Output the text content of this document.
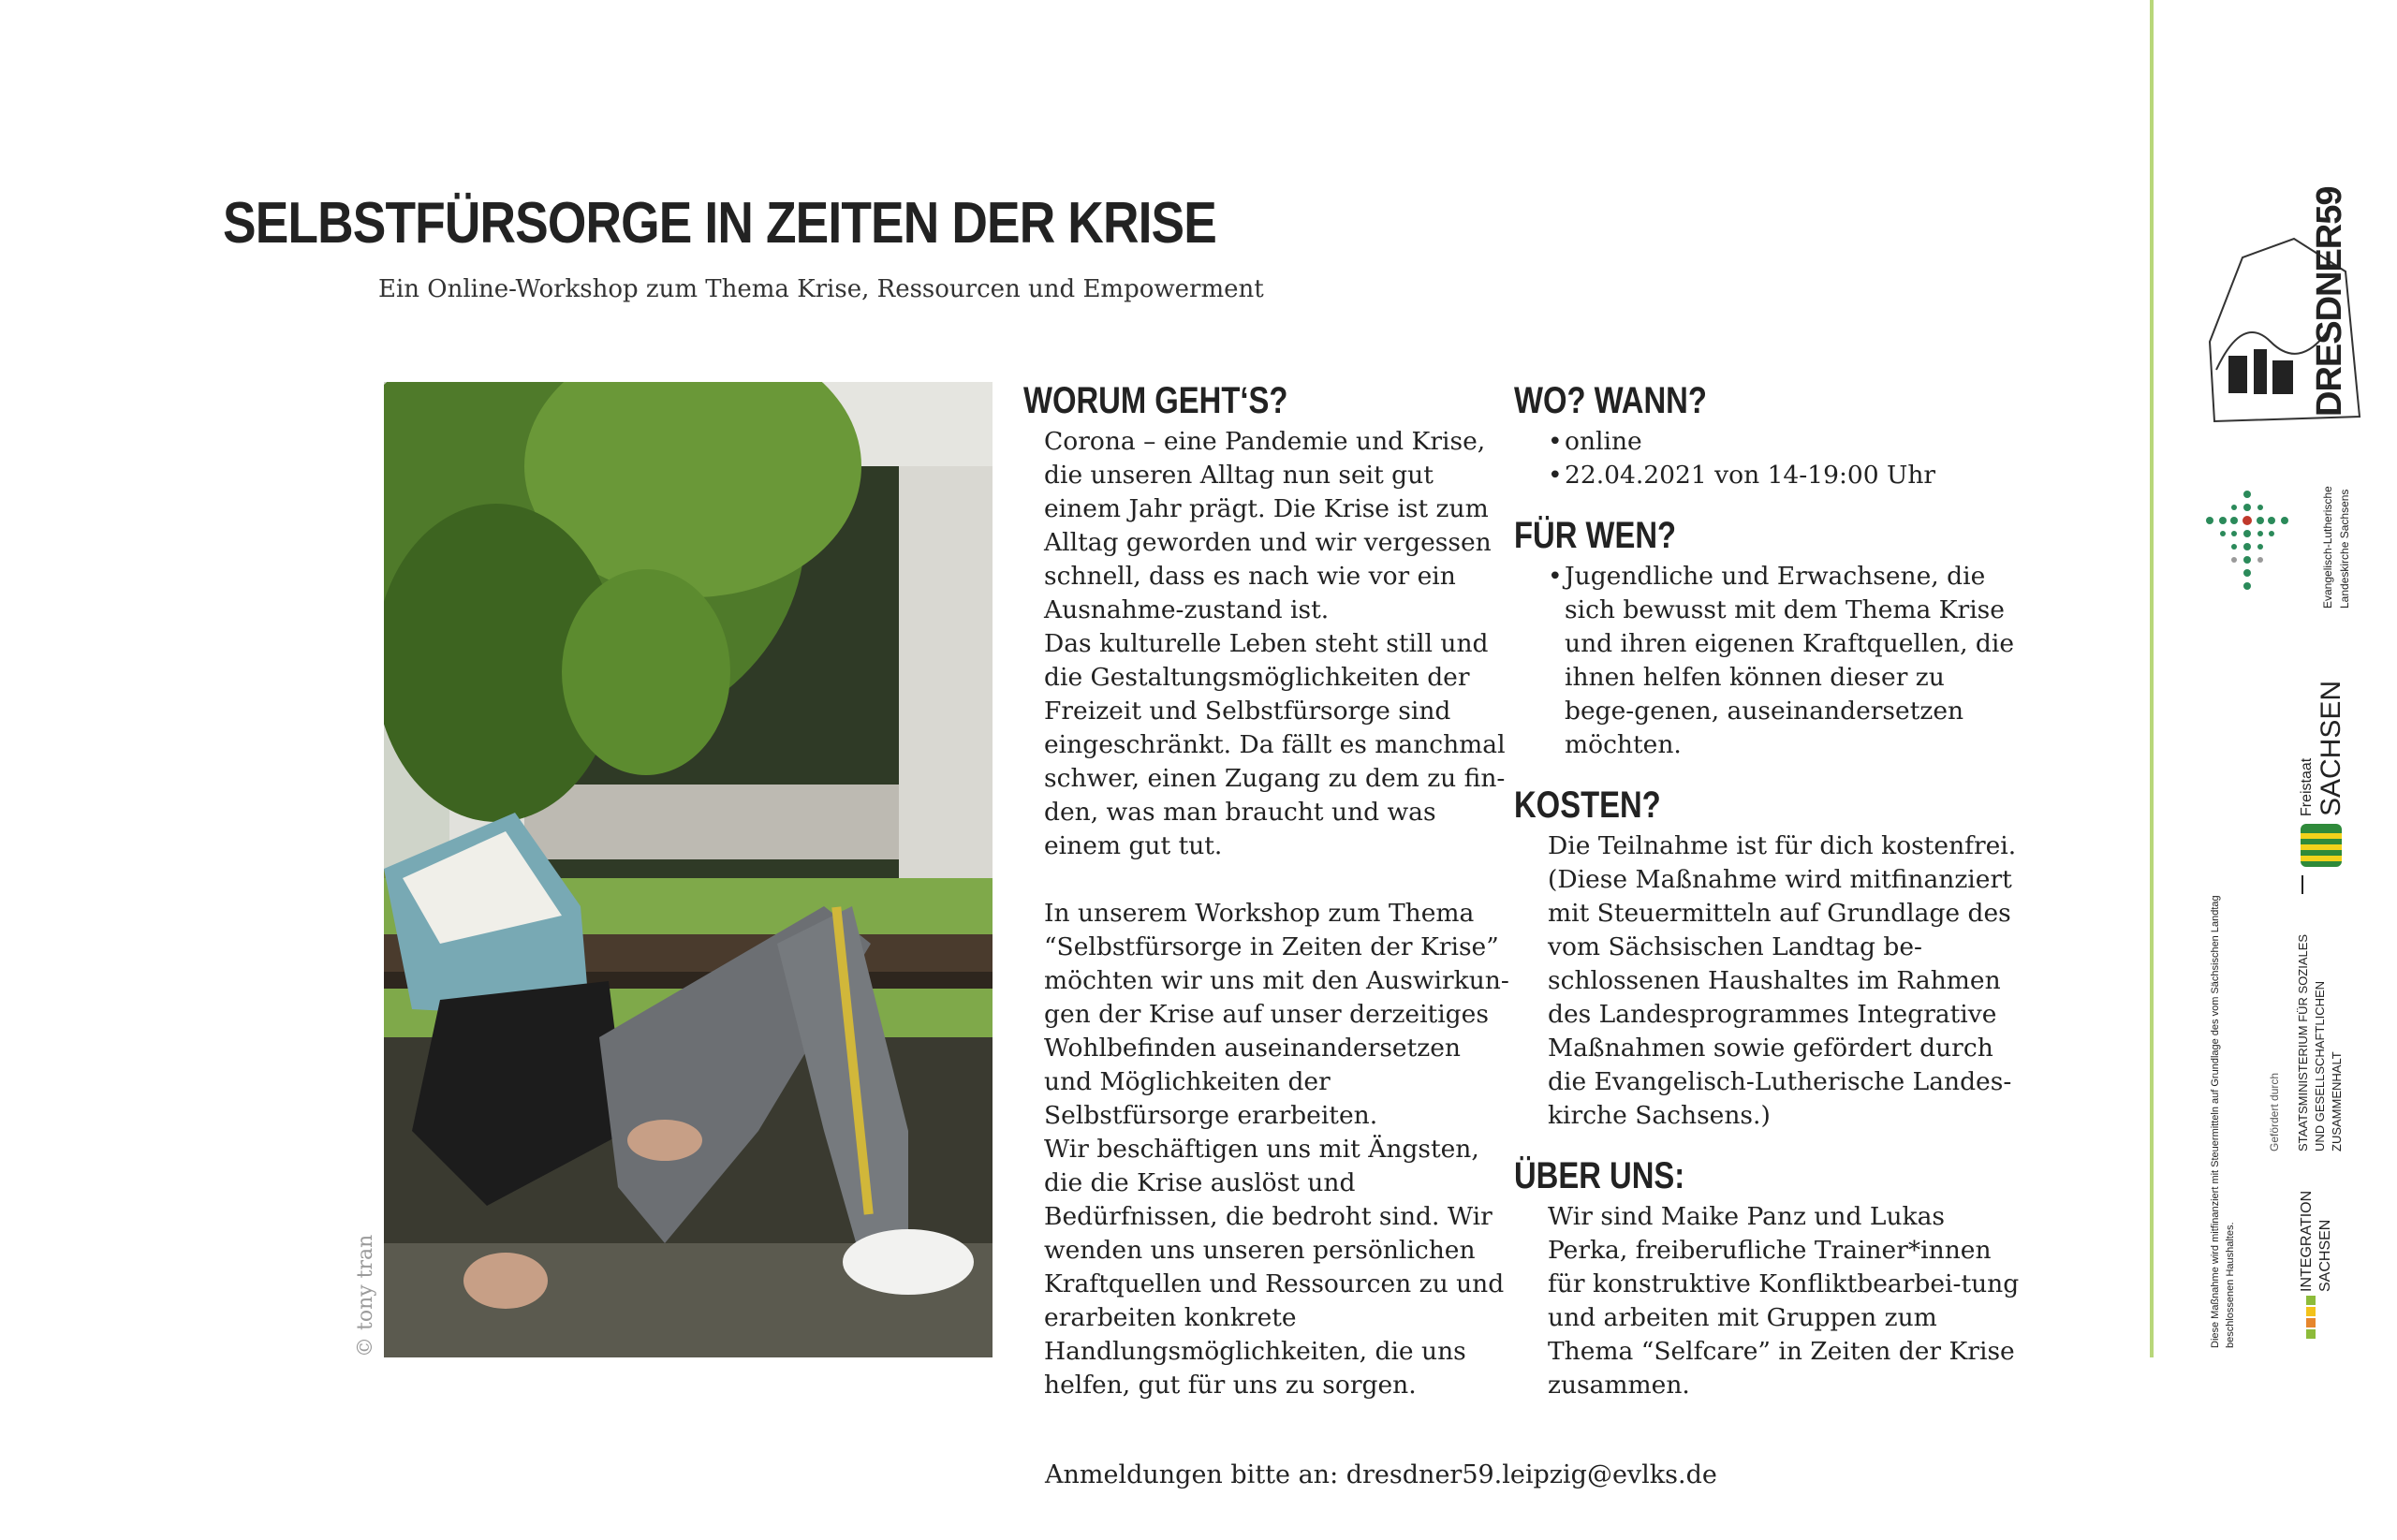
SELBSTFÜRSORGE IN ZEITEN DER KRISE
Ein Online-Workshop zum Thema Krise, Ressourcen und Empowerment
© tony tran
WORUM GEHT‘S?

Corona – eine Pandemie und Krise, die unseren Alltag nun seit gut einem Jahr prägt. Die Krise ist zum Alltag geworden und wir vergessen schnell, dass es nach wie vor ein Ausnahme-zustand ist.

Das kulturelle Leben steht still und die Gestaltungsmöglichkeiten der Freizeit und Selbstfürsorge sind eingeschränkt. Da fällt es manchmal schwer, einen Zugang zu dem zu fin-den, was man braucht und was einem gut tut.

In unserem Workshop zum Thema “Selbstfürsorge in Zeiten der Krise” möchten wir uns mit den Auswirkun-gen der Krise auf unser derzeitiges Wohlbefinden auseinandersetzen und Möglichkeiten der Selbstfürsorge erarbeiten.

Wir beschäftigen uns mit Ängsten, die die Krise auslöst und Bedürfnissen, die bedroht sind. Wir wenden uns unseren persönlichen Kraftquellen und Ressourcen zu und erarbeiten konkrete Handlungsmöglichkeiten, die uns helfen, gut für uns zu sorgen.

WO? WANN?
• online
• 22.04.2021 von 14-19:00 Uhr
FÜR WEN?
• Jugendliche und Erwachsene, die sich bewusst mit dem Thema Krise und ihren eigenen Kraftquellen, die ihnen helfen können dieser zu bege-genen, auseinandersetzen möchten.
KOSTEN?

Die Teilnahme ist für dich kostenfrei. (Diese Maßnahme wird mitfinanziert mit Steuermitteln auf Grundlage des vom Sächsischen Landtag be-schlossenen Haushaltes im Rahmen des Landesprogrammes Integrative Maßnahmen sowie gefördert durch die Evangelisch-Lutherische Landes-kirche Sachsens.)

ÜBER UNS:

Wir sind Maike Panz und Lukas Perka, freiberufliche Trainer*innen für konstruktive Konfliktbearbei-tung und arbeiten mit Gruppen zum Thema “Selfcare” in Zeiten der Krise zusammen.

Anmeldungen bitte an: dresdner59.leipzig@evlks.de
DRESDNER59
Evangelisch-Lutherische Landeskirche Sachsens
Diese Maßnahme wird mitfinanziert mit Steuermitteln auf Grundlage des vom Sächsischen Landtag beschlossenen Haushaltes.
Gefördert durch STAATSMINISTERIUM FÜR SOZIALES UND GESELLSCHAFTLICHEN ZUSAMMENHALT
Freistaat SACHSEN
INTEGRATION SACHSEN
